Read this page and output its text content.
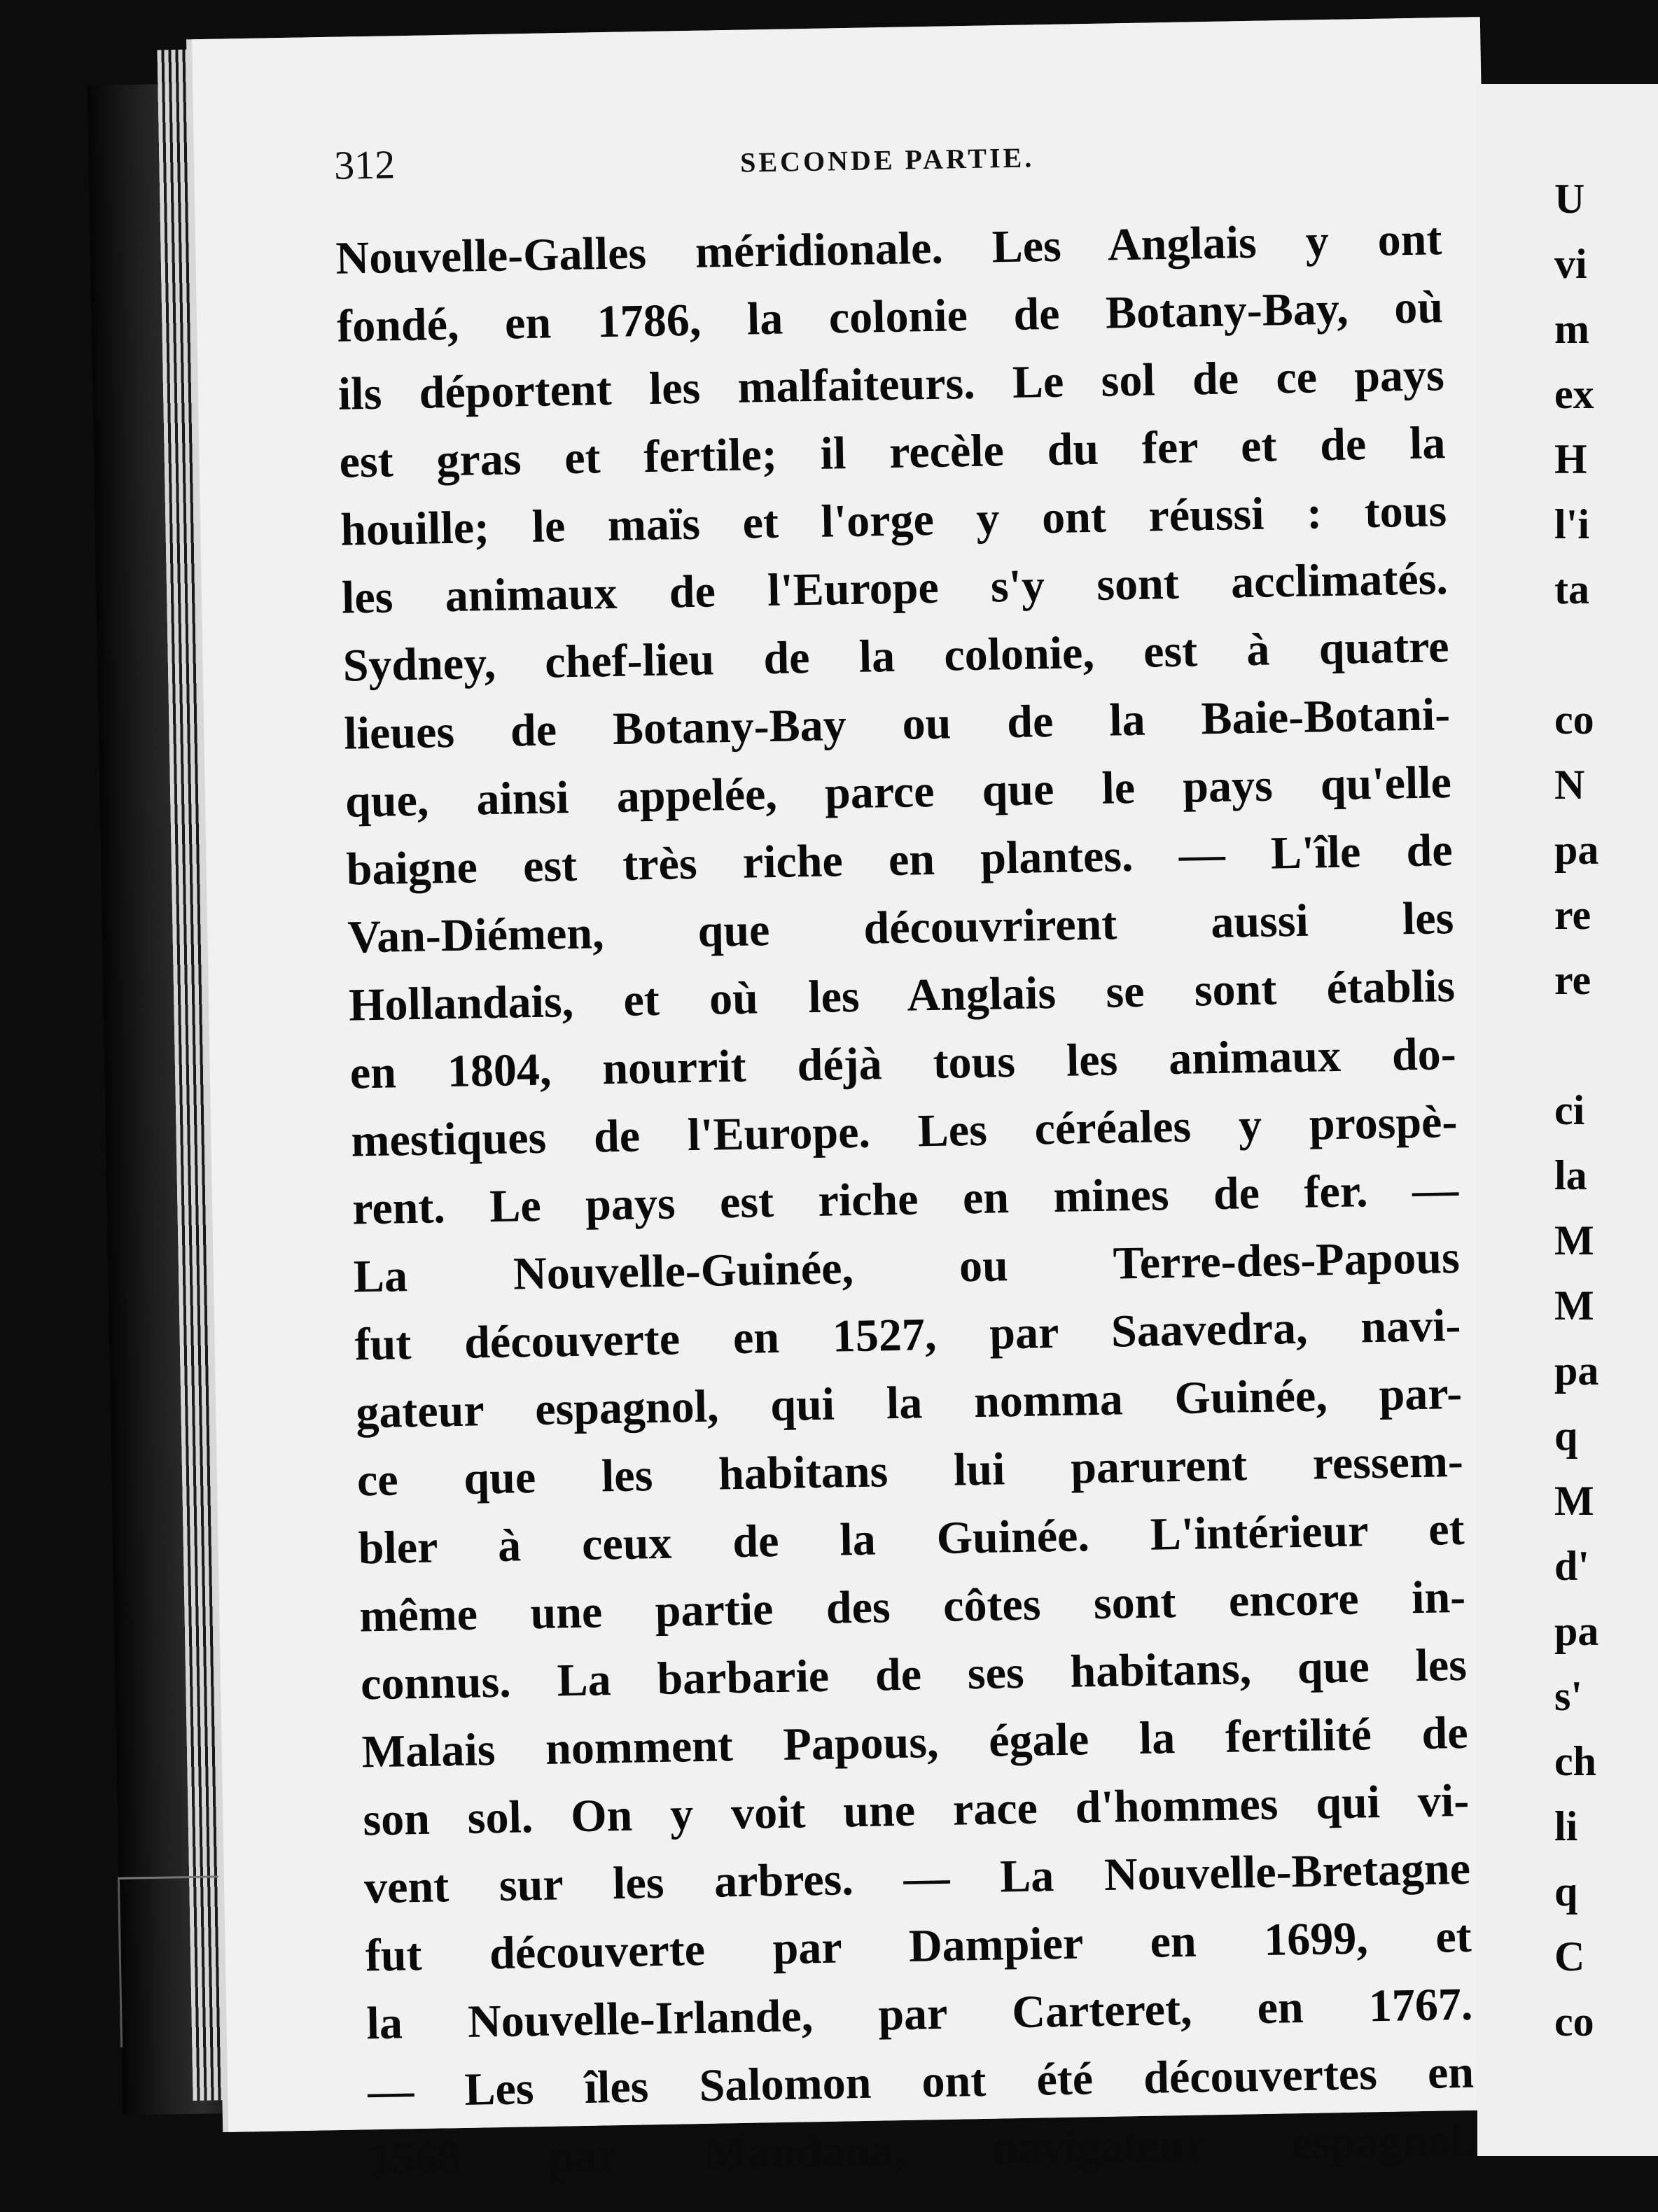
312	SECONDE PARTIE.
Nouvelle-Galles méridionale. Les Anglais y ont
fondé, en 1786, la colonie de Botany-Bay, où
ils déportent les malfaiteurs. Le sol de ce pays
est gras et fertile; il recèle du fer et de la
houille; le maïs et l'orge y ont réussi : tous
les animaux de l'Europe s'y sont acclimatés.
Sydney, chef-lieu de la colonie, est à quatre
lieues de Botany-Bay ou de la Baie-Botani-
que, ainsi appelée, parce que le pays qu'elle
baigne est très riche en plantes. — L'île de
Van-Diémen, que découvrirent aussi les
Hollandais, et où les Anglais se sont établis
en 1804, nourrit déjà tous les animaux do-
mestiques de l'Europe. Les céréales y prospè-
rent. Le pays est riche en mines de fer. —
La Nouvelle-Guinée, ou Terre-des-Papous
fut découverte en 1527, par Saavedra, navi-
gateur espagnol, qui la nomma Guinée, par-
ce que les habitans lui parurent ressem-
bler à ceux de la Guinée. L'intérieur et
même une partie des côtes sont encore in-
connus. La barbarie de ses habitans, que les
Malais nomment Papous, égale la fertilité de
son sol. On y voit une race d'hommes qui vi-
vent sur les arbres. — La Nouvelle-Bretagne
fut découverte par Dampier en 1699, et
la Nouvelle-Irlande, par Carteret, en 1767.
— Les îles Salomon ont été découvertes en
1568 par Mandana, navigateur espagnol.
U
vi
m
ex
H
l'i
ta
co
N
pa
re
re
ci
la
M
M
pa
q
M
d'
pa
s'
ch
li
q
C
co
